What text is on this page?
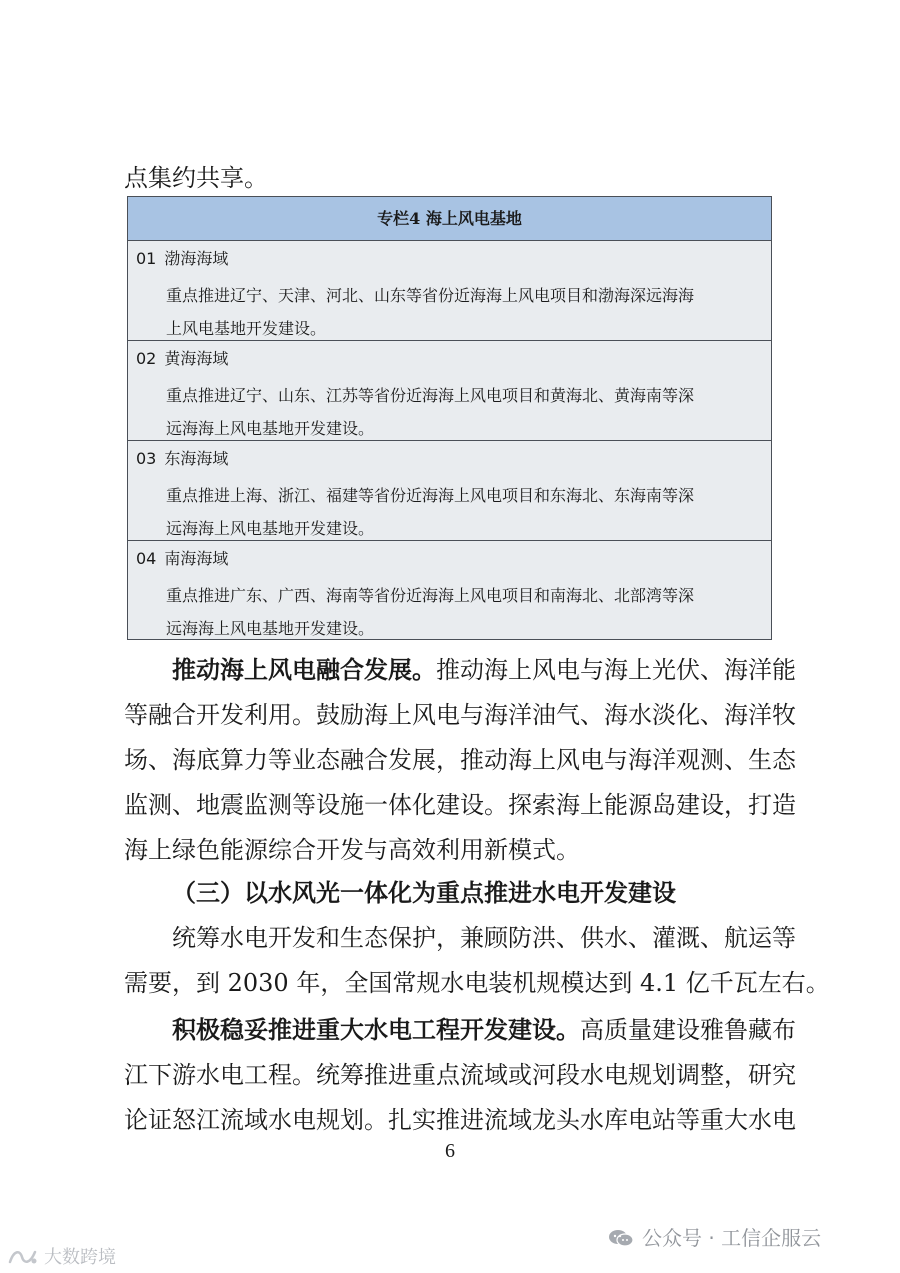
点集约共享。
专栏4 海上风电基地
01 渤海海域
重点推进辽宁、天津、河北、山东等省份近海海上风电项目和渤海深远海海
上风电基地开发建设。
02 黄海海域
重点推进辽宁、山东、江苏等省份近海海上风电项目和黄海北、黄海南等深
远海海上风电基地开发建设。
03 东海海域
重点推进上海、浙江、福建等省份近海海上风电项目和东海北、东海南等深
远海海上风电基地开发建设。
04 南海海域
重点推进广东、广西、海南等省份近海海上风电项目和南海北、北部湾等深
远海海上风电基地开发建设。
推动海上风电融合发展。推动海上风电与海上光伏、海洋能
等融合开发利用。鼓励海上风电与海洋油气、海水淡化、海洋牧
场、海底算力等业态融合发展，推动海上风电与海洋观测、生态
监测、地震监测等设施一体化建设。探索海上能源岛建设，打造
海上绿色能源综合开发与高效利用新模式。
（三）以水风光一体化为重点推进水电开发建设
统筹水电开发和生态保护，兼顾防洪、供水、灌溉、航运等
需要，到 2030 年，全国常规水电装机规模达到 4.1 亿千瓦左右。
积极稳妥推进重大水电工程开发建设。高质量建设雅鲁藏布
江下游水电工程。统筹推进重点流域或河段水电规划调整，研究
论证怒江流域水电规划。扎实推进流域龙头水库电站等重大水电
6
公众号 · 工信企服云
大数跨境
